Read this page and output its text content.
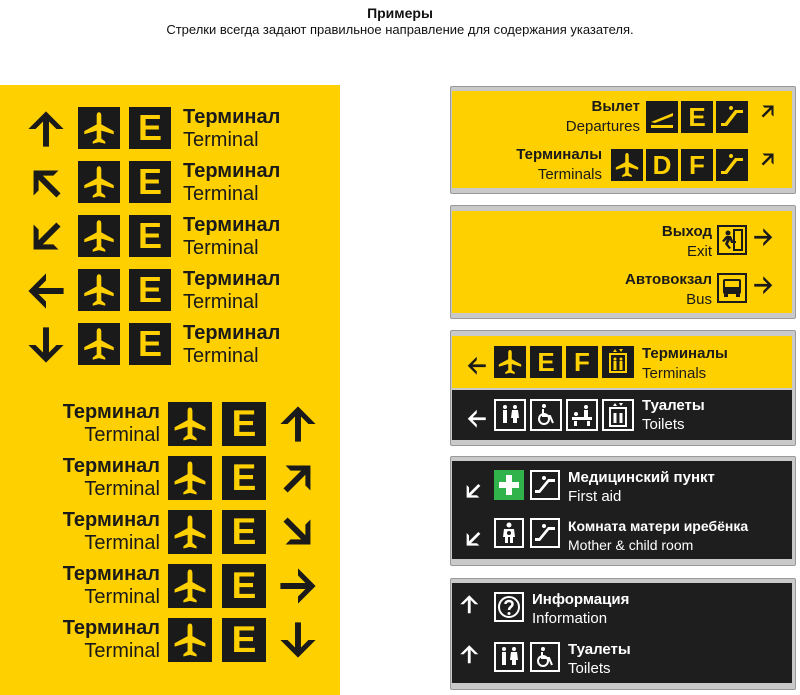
Примеры
Стрелки всегда задают правильное направление для содержания указателя.
E	Терминал
Terminal
E	Терминал
Terminal
E	Терминал
Terminal
E	Терминал
Terminal
E	Терминал
Terminal
Терминал
Terminal E
Терминал
Terminal E
Терминал
Terminal E
Терминал
Terminal E
Терминал
Terminal E
Вылет
Departures E
Терминалы
Terminals D F
Выход
Exit
Автовокзал
Bus
E F	Терминалы
Terminals
Туалеты
Toilets
Медицинский пункт
First aid
Комната матери иребёнка
Mother & child room
Информация
Information
Туалеты
Toilets
